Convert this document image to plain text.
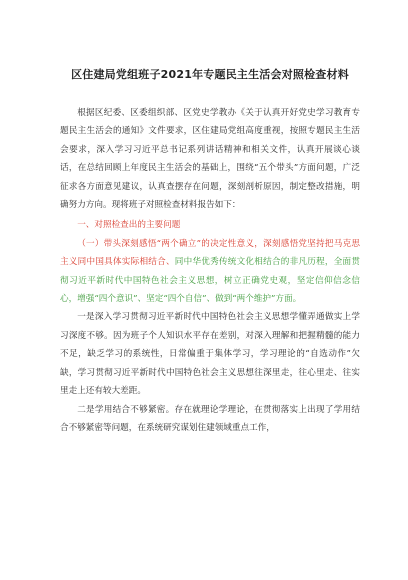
区住建局党组班子2021年专题民主生活会对照检查材料

根据区纪委、区委组织部、区党史学教办《关于认真开好党史学习教育专题民主生活会的通知》文件要求，区住建局党组高度重视，按照专题民主生活会要求，深入学习习近平总书记系列讲话精神和相关文件，认真开展谈心谈话，在总结回顾上年度民主生活会的基础上，围绕“五个带头”方面问题，广泛征求各方面意见建议，认真查摆存在问题，深刻剖析原因，制定整改措施，明确努力方向。现将班子对照检查材料报告如下：

一、对照检查出的主要问题

（一）带头深刻感悟“两个确立”的决定性意义，深刻感悟党坚持把马克思主义同中国具体实际相结合、同中华优秀传统文化相结合的非凡历程，全面贯彻习近平新时代中国特色社会主义思想，树立正确党史观，坚定信仰信念信心，增强“四个意识”、坚定“四个自信”、做到“两个维护”方面。

一是深入学习贯彻习近平新时代中国特色社会主义思想学懂弄通做实上学习深度不够。因为班子个人知识水平存在差别，对深入理解和把握精髓的能力不足，缺乏学习的系统性，日常偏重于集体学习，学习理论的“自选动作”欠缺，学习贯彻习近平新时代中国特色社会主义思想往深里走，往心里走、往实里走上还有较大差距。

二是学用结合不够紧密。存在就理论学理论，在贯彻落实上出现了学用结合不够紧密等问题，在系统研究谋划住建领域重点工作，
